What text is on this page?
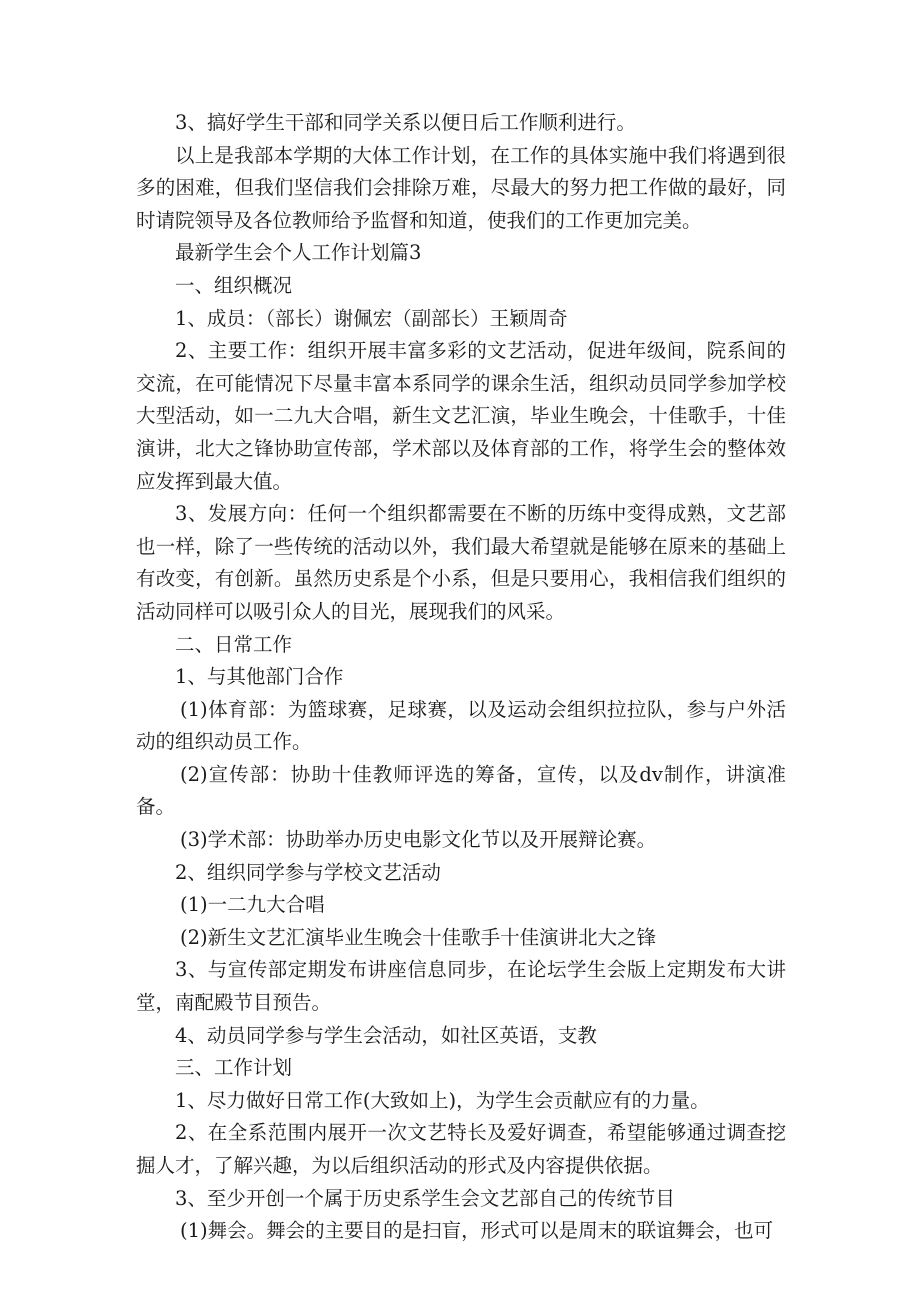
3、搞好学生干部和同学关系以便日后工作顺利进行。

以上是我部本学期的大体工作计划，在工作的具体实施中我们将遇到很多的困难，但我们坚信我们会排除万难，尽最大的努力把工作做的最好，同时请院领导及各位教师给予监督和知道，使我们的工作更加完美。

最新学生会个人工作计划篇3

一、组织概况

1、成员：（部长）谢佩宏（副部长）王颖周奇

2、主要工作：组织开展丰富多彩的文艺活动，促进年级间，院系间的交流，在可能情况下尽量丰富本系同学的课余生活，组织动员同学参加学校大型活动，如一二九大合唱，新生文艺汇演，毕业生晚会，十佳歌手，十佳演讲，北大之锋协助宣传部，学术部以及体育部的工作，将学生会的整体效应发挥到最大值。

3、发展方向：任何一个组织都需要在不断的历练中变得成熟，文艺部也一样，除了一些传统的活动以外，我们最大希望就是能够在原来的基础上有改变，有创新。虽然历史系是个小系，但是只要用心，我相信我们组织的活动同样可以吸引众人的目光，展现我们的风采。

二、日常工作

1、与其他部门合作

(1)体育部：为篮球赛，足球赛，以及运动会组织拉拉队，参与户外活动的组织动员工作。

(2)宣传部：协助十佳教师评选的筹备，宣传，以及dv制作，讲演准备。

(3)学术部：协助举办历史电影文化节以及开展辩论赛。

2、组织同学参与学校文艺活动

(1)一二九大合唱

(2)新生文艺汇演毕业生晚会十佳歌手十佳演讲北大之锋

3、与宣传部定期发布讲座信息同步，在论坛学生会版上定期发布大讲堂，南配殿节目预告。

4、动员同学参与学生会活动，如社区英语，支教

三、工作计划

1、尽力做好日常工作(大致如上)，为学生会贡献应有的力量。

2、在全系范围内展开一次文艺特长及爱好调查，希望能够通过调查挖掘人才，了解兴趣，为以后组织活动的形式及内容提供依据。

3、至少开创一个属于历史系学生会文艺部自己的传统节目

(1)舞会。舞会的主要目的是扫盲，形式可以是周末的联谊舞会，也可
